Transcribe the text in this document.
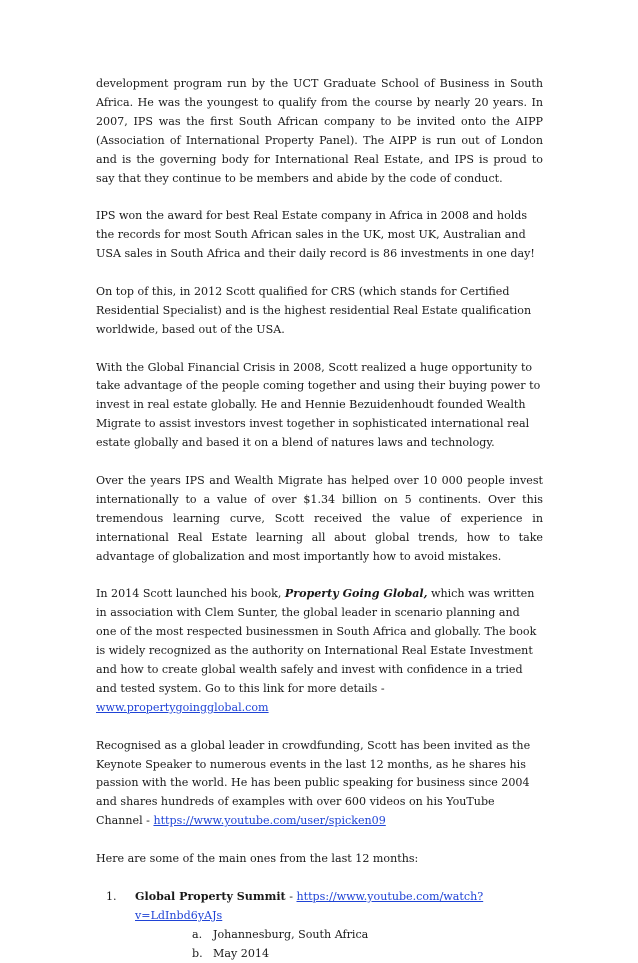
development program run by the UCT Graduate School of Business in South Africa. He was the youngest to qualify from the course by nearly 20 years. In 2007, IPS was the first South African company to be invited onto the AIPP (Association of International Property Panel). The AIPP is run out of London and is the governing body for International Real Estate, and IPS is proud to say that they continue to be members and abide by the code of conduct.

IPS won the award for best Real Estate company in Africa in 2008 and holds the records for most South African sales in the UK, most UK, Australian and USA sales in South Africa and their daily record is 86 investments in one day!

On top of this, in 2012 Scott qualified for CRS (which stands for Certified Residential Specialist) and is the highest residential Real Estate qualification worldwide, based out of the USA.

With the Global Financial Crisis in 2008, Scott realized a huge opportunity to take advantage of the people coming together and using their buying power to invest in real estate globally. He and Hennie Bezuidenhoudt founded Wealth Migrate to assist investors invest together in sophisticated international real estate globally and based it on a blend of natures laws and technology.

Over the years IPS and Wealth Migrate has helped over 10 000 people invest internationally to a value of over $1.34 billion on 5 continents. Over this tremendous learning curve, Scott received the value of experience in international Real Estate learning all about global trends, how to take advantage of globalization and most importantly how to avoid mistakes.

In 2014 Scott launched his book, Property Going Global, which was written in association with Clem Sunter, the global leader in scenario planning and one of the most respected businessmen in South Africa and globally. The book is widely recognized as the authority on International Real Estate Investment and how to create global wealth safely and invest with confidence in a tried and tested system. Go to this link for more details - www.propertygoingglobal.com

Recognised as a global leader in crowdfunding, Scott has been invited as the Keynote Speaker to numerous events in the last 12 months, as he shares his passion with the world. He has been public speaking for business since 2004 and shares hundreds of examples with over 600 videos on his YouTube Channel - https://www.youtube.com/user/spicken09

Here are some of the main ones from the last 12 months:

1. Global Property Summit - https://www.youtube.com/watch?v=LdInbd6yAJs
a. Johannesburg, South Africa
b. May 2014
